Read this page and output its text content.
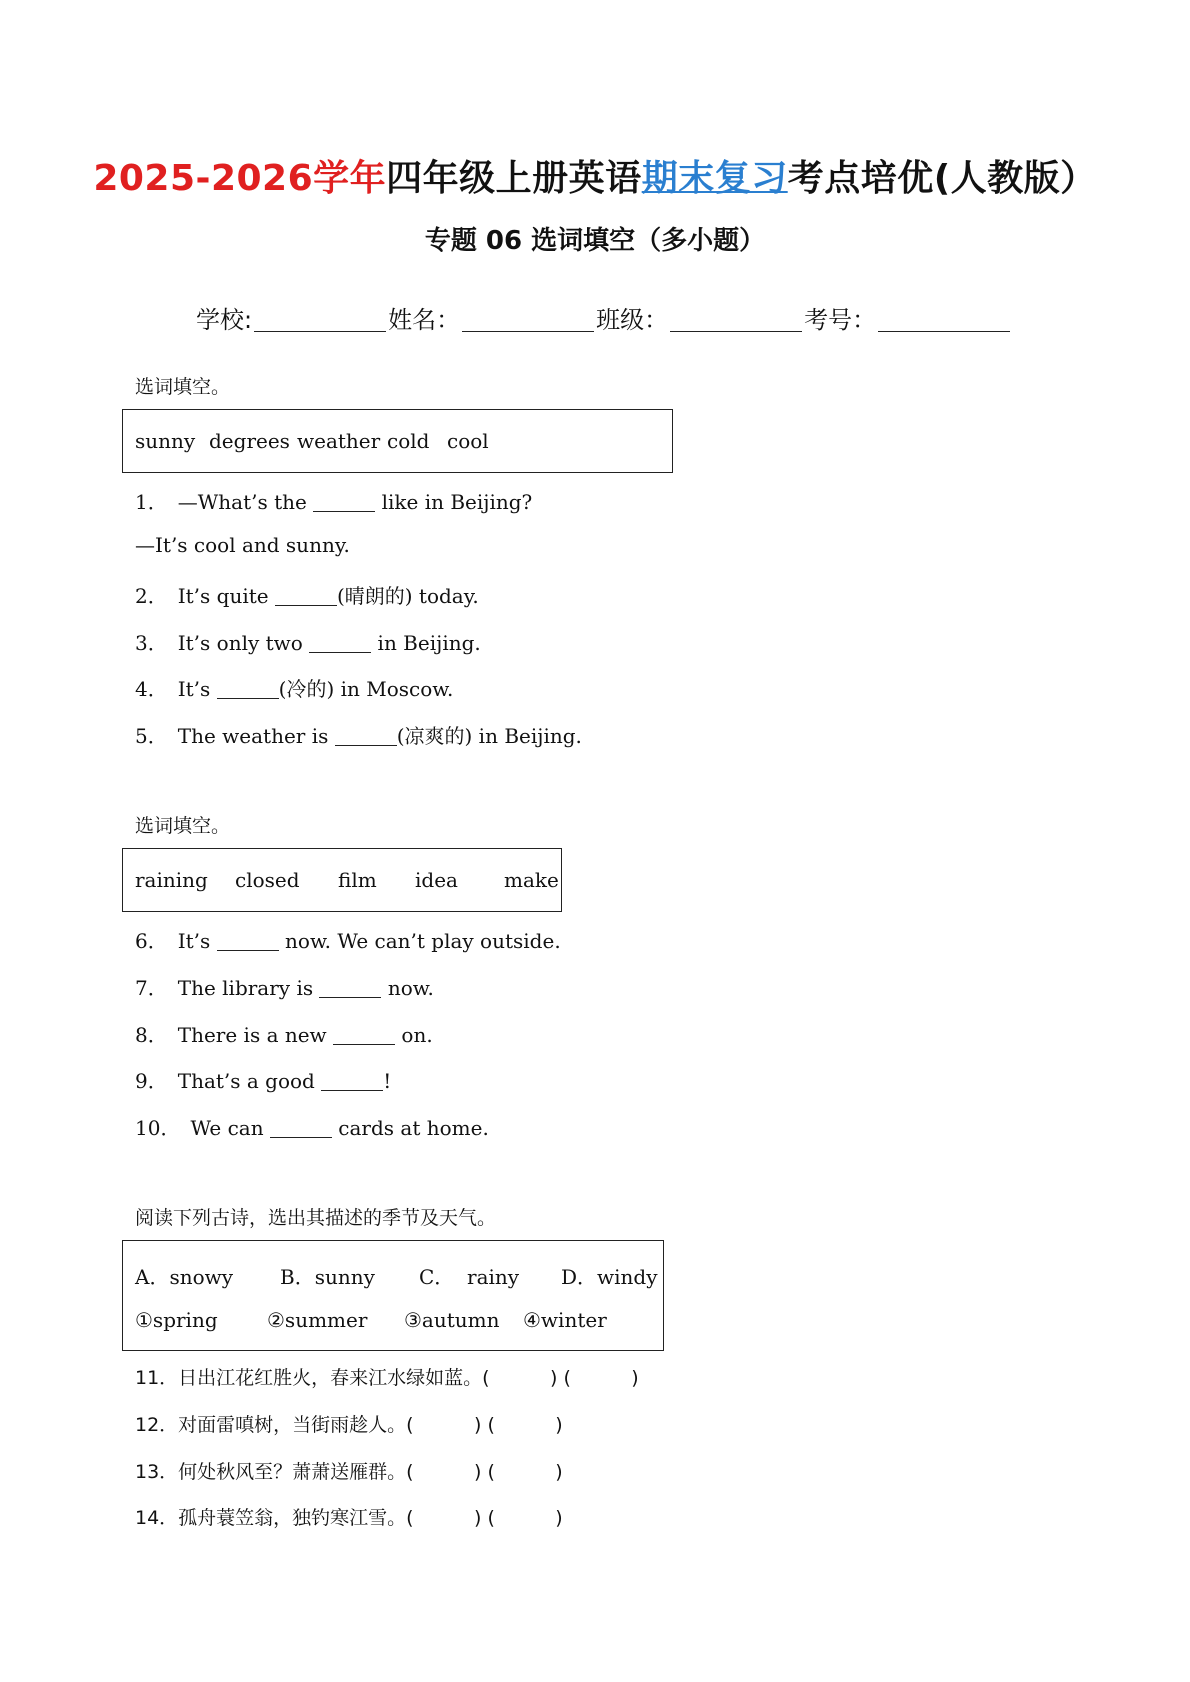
2025-2026学年四年级上册英语期末复习考点培优(人教版）
专题 06 选词填空（多小题）
学校:	姓名：	班级：	考号：
选词填空。
sunny degrees weather cold cool
1． —What’s the	like in Beijing?
—It’s cool and sunny.
2． It’s quite	(晴朗的) today.
3． It’s only two	in Beijing.
4． It’s	(冷的) in Moscow.
5． The weather is	(凉爽的) in Beijing.
选词填空。
raining closed film idea make
6． It’s	now. We can’t play outside.
7． The library is	now.
8． There is a new	on.
9． That’s a good	!
10． We can	cards at home.
阅读下列古诗，选出其描述的季节及天气。
A．snowy B．sunny C．  rainy D．windy
①spring ②summer ③autumn ④winter
11．日出江花红胜火，春来江水绿如蓝。(          ) (          )
12．对面雷嗔树，当街雨趁人。(          ) (          )
13．何处秋风至？萧萧送雁群。(          ) (          )
14．孤舟蓑笠翁，独钓寒江雪。(          ) (          )
